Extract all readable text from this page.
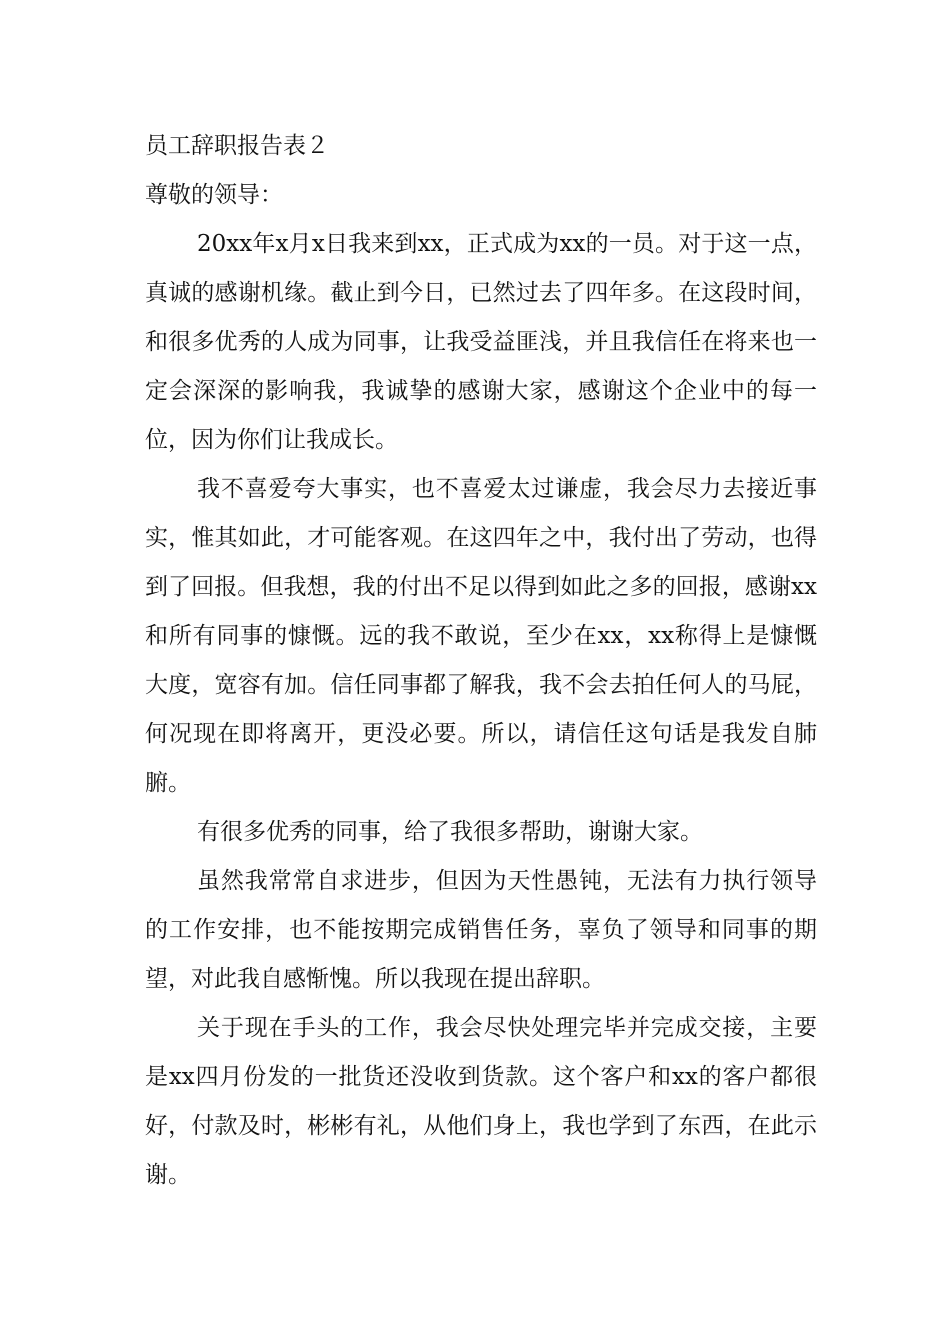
员工辞职报告表２

尊敬的领导：

20xx年x月x日我来到xx，正式成为xx的一员。对于这一点，真诚的感谢机缘。截止到今日，已然过去了四年多。在这段时间，和很多优秀的人成为同事，让我受益匪浅，并且我信任在将来也一定会深深的影响我，我诚挚的感谢大家，感谢这个企业中的每一位，因为你们让我成长。

我不喜爱夸大事实，也不喜爱太过谦虚，我会尽力去接近事实，惟其如此，才可能客观。在这四年之中，我付出了劳动，也得到了回报。但我想，我的付出不足以得到如此之多的回报，感谢xx和所有同事的慷慨。远的我不敢说，至少在xx，xx称得上是慷慨大度，宽容有加。信任同事都了解我，我不会去拍任何人的马屁，何况现在即将离开，更没必要。所以，请信任这句话是我发自肺腑。

有很多优秀的同事，给了我很多帮助，谢谢大家。

虽然我常常自求进步，但因为天性愚钝，无法有力执行领导的工作安排，也不能按期完成销售任务，辜负了领导和同事的期望，对此我自感惭愧。所以我现在提出辞职。

关于现在手头的工作，我会尽快处理完毕并完成交接，主要是xx四月份发的一批货还没收到货款。这个客户和xx的客户都很好，付款及时，彬彬有礼，从他们身上，我也学到了东西，在此示谢。
